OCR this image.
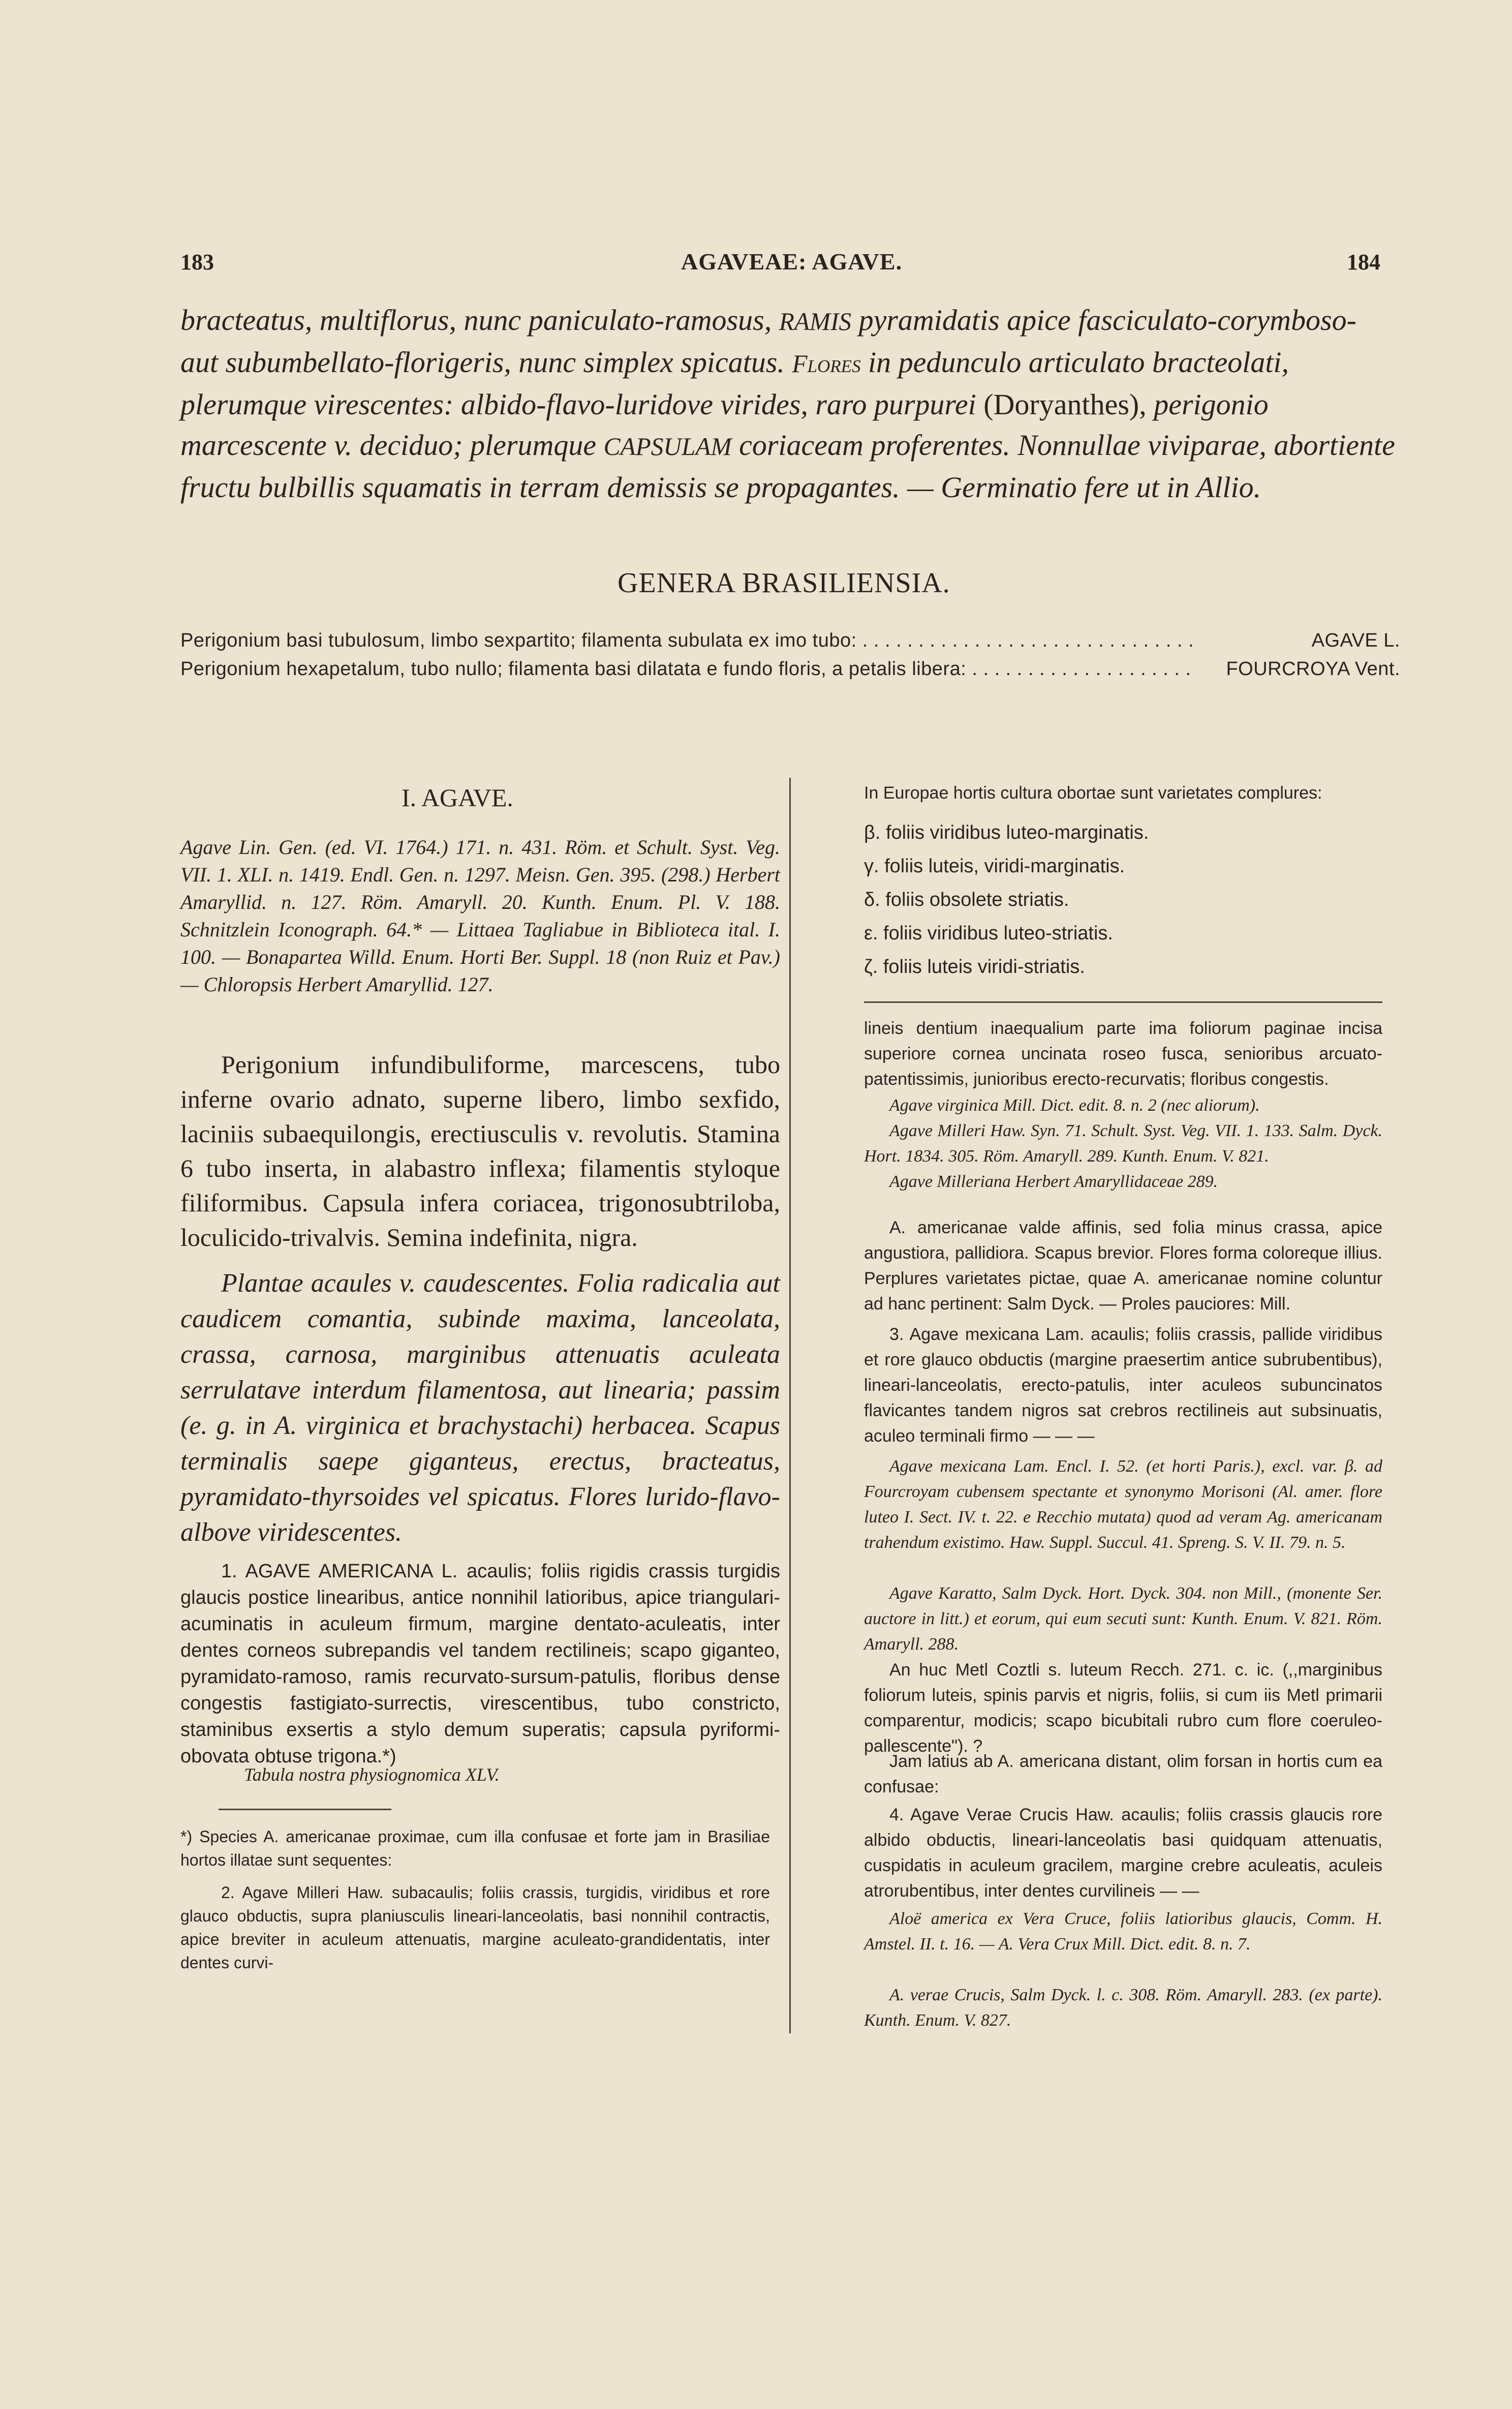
183	AGAVEAE: AGAVE.	184
bracteatus, multiflorus, nunc paniculato-ramosus, RAMIS pyramidatis apice fasciculato-corymboso- aut subumbellato-florigeris, nunc simplex spicatus. Flores in pedunculo articulato bracteolati, plerumque virescentes: albido-flavo-luridove virides, raro purpurei (Doryanthes), perigonio marcescente v. deciduo; plerumque CAPSULAM coriaceam proferentes. Nonnullae viviparae, abortiente fructu bulbillis squamatis in terram demissis se propagantes. — Germinatio fere ut in Allio.
GENERA BRASILIENSIA.
Perigonium basi tubulosum, limbo sexpartito; filamenta subulata ex imo tubo: . . . . . . . . . . . . . . . . . . . . . . . . . . . . . .	AGAVE L.
Perigonium hexapetalum, tubo nullo; filamenta basi dilatata e fundo floris, a petalis libera: . . . . . . . . . . . . . . . . . . . .	FOURCROYA Vent.
I. AGAVE.
Agave Lin. Gen. (ed. VI. 1764.) 171. n. 431. Röm. et Schult. Syst. Veg. VII. 1. XLI. n. 1419. Endl. Gen. n. 1297. Meisn. Gen. 395. (298.) Herbert Amaryllid. n. 127. Röm. Amaryll. 20. Kunth. Enum. Pl. V. 188. Schnitzlein Iconograph. 64.* — Littaea Tagliabue in Biblioteca ital. I. 100. — Bonapartea Willd. Enum. Horti Ber. Suppl. 18 (non Ruiz et Pav.) — Chloropsis Herbert Amaryllid. 127.
Perigonium infundibuliforme, marcescens, tubo inferne ovario adnato, superne libero, limbo sexfido, laciniis subaequilongis, erectiusculis v. revolutis. Stamina 6 tubo inserta, in alabastro inflexa; filamentis styloque filiformibus. Capsula infera coriacea, trigonosubtriloba, loculicido-trivalvis. Semina indefinita, nigra.
Plantae acaules v. caudescentes. Folia radicalia aut caudicem comantia, subinde maxima, lanceolata, crassa, carnosa, marginibus attenuatis aculeata serrulatave interdum filamentosa, aut linearia; passim (e. g. in A. virginica et brachystachi) herbacea. Scapus terminalis saepe giganteus, erectus, bracteatus, pyramidato-thyrsoides vel spicatus. Flores lurido-flavo-albove viridescentes.
1. AGAVE AMERICANA L. acaulis; foliis rigidis crassis turgidis glaucis postice linearibus, antice nonnihil latioribus, apice triangulari-acuminatis in aculeum firmum, margine dentato-aculeatis, inter dentes corneos subrepandis vel tandem rectilineis; scapo giganteo, pyramidato-ramoso, ramis recurvato-sursum-patulis, floribus dense congestis fastigiato-surrectis, virescentibus, tubo constricto, staminibus exsertis a stylo demum superatis; capsula pyriformi-obovata obtuse trigona.*)
Tabula nostra physiognomica XLV.
*) Species A. americanae proximae, cum illa confusae et forte jam in Brasiliae hortos illatae sunt sequentes:
2. Agave Milleri Haw. subacaulis; foliis crassis, turgidis, viridibus et rore glauco obductis, supra planiusculis lineari-lanceolatis, basi nonnihil contractis, apice breviter in aculeum attenuatis, margine aculeato-grandidentatis, inter dentes curvi-
In Europae hortis cultura obortae sunt varietates complures:
β. foliis viridibus luteo-marginatis.
γ. foliis luteis, viridi-marginatis.
δ. foliis obsolete striatis.
ε. foliis viridibus luteo-striatis.
ζ. foliis luteis viridi-striatis.
lineis dentium inaequalium parte ima foliorum paginae incisa superiore cornea uncinata roseo fusca, senioribus arcuato-patentissimis, junioribus erecto-recurvatis; floribus congestis.
Agave virginica Mill. Dict. edit. 8. n. 2 (nec aliorum).
Agave Milleri Haw. Syn. 71. Schult. Syst. Veg. VII. 1. 133. Salm. Dyck. Hort. 1834. 305. Röm. Amaryll. 289. Kunth. Enum. V. 821.
Agave Milleriana Herbert Amaryllidaceae 289.
A. americanae valde affinis, sed folia minus crassa, apice angustiora, pallidiora. Scapus brevior. Flores forma coloreque illius. Perplures varietates pictae, quae A. americanae nomine coluntur ad hanc pertinent: Salm Dyck. — Proles pauciores: Mill.
3. Agave mexicana Lam. acaulis; foliis crassis, pallide viridibus et rore glauco obductis (margine praesertim antice subrubentibus), lineari-lanceolatis, erecto-patulis, inter aculeos subuncinatos flavicantes tandem nigros sat crebros rectilineis aut subsinuatis, aculeo terminali firmo — — —
Agave mexicana Lam. Encl. I. 52. (et horti Paris.), excl. var. β. ad Fourcroyam cubensem spectante et synonymo Morisoni (Al. amer. flore luteo I. Sect. IV. t. 22. e Recchio mutata) quod ad veram Ag. americanam trahendum existimo. Haw. Suppl. Succul. 41. Spreng. S. V. II. 79. n. 5.
Agave Karatto, Salm Dyck. Hort. Dyck. 304. non Mill., (monente Ser. auctore in litt.) et eorum, qui eum secuti sunt: Kunth. Enum. V. 821. Röm. Amaryll. 288.
An huc Metl Coztli s. luteum Recch. 271. c. ic. (,,marginibus foliorum luteis, spinis parvis et nigris, foliis, si cum iis Metl primarii comparentur, modicis; scapo bicubitali rubro cum flore coeruleo-pallescente"). ?
Jam latius ab A. americana distant, olim forsan in hortis cum ea confusae:
4. Agave Verae Crucis Haw. acaulis; foliis crassis glaucis rore albido obductis, lineari-lanceolatis basi quidquam attenuatis, cuspidatis in aculeum gracilem, margine crebre aculeatis, aculeis atrorubentibus, inter dentes curvilineis — —
Aloë america ex Vera Cruce, foliis latioribus glaucis, Comm. H. Amstel. II. t. 16. — A. Vera Crux Mill. Dict. edit. 8. n. 7.
A. verae Crucis, Salm Dyck. l. c. 308. Röm. Amaryll. 283. (ex parte). Kunth. Enum. V. 827.
